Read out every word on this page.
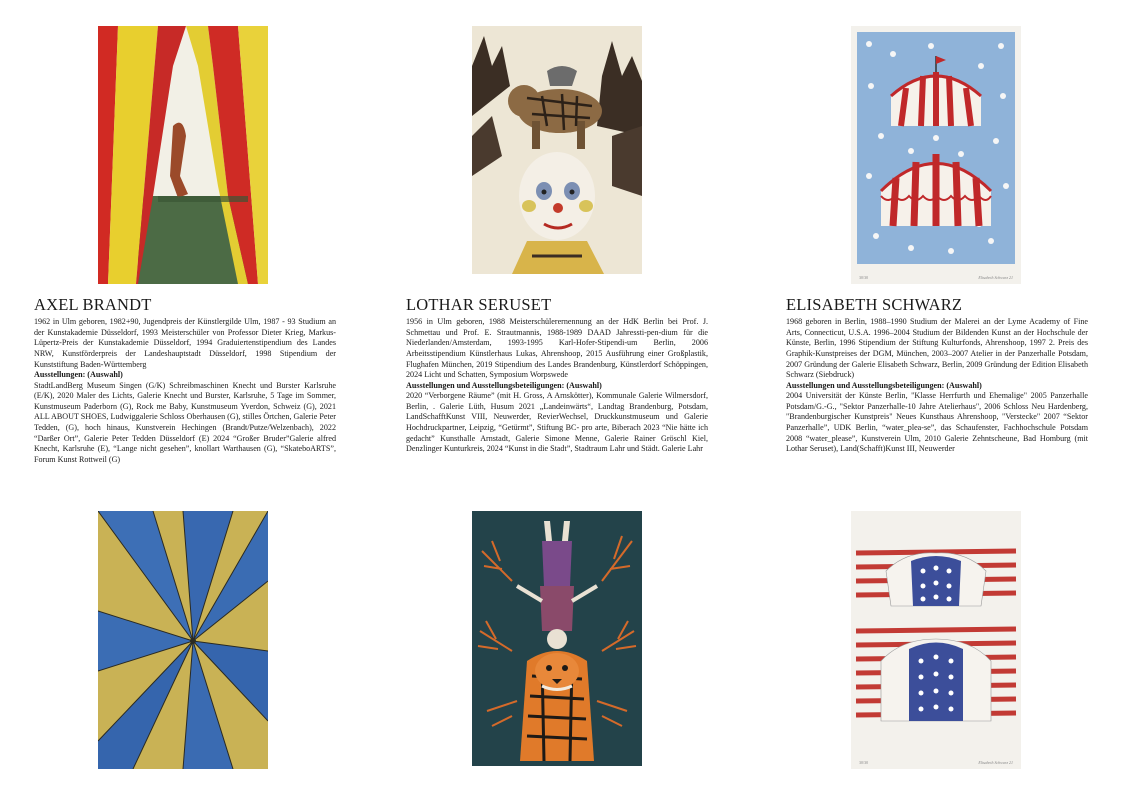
30/30	Elisabeth Schwarz 21
AXEL BRANDT

1962 in Ulm geboren, 1982+90, Jugendpreis der Künstlergilde Ulm, 1987 - 93 Studium an der Kunstakademie Düsseldorf, 1993 Meisterschüler von Professor Dieter Krieg, Markus-Lüpertz-Preis der Kunstakademie Düsseldorf, 1994 Graduiertenstipendium des Landes NRW, Kunstförderpreis der Landeshauptstadt Düsseldorf, 1998 Stipendium der Kunststiftung Baden-Württemberg

Ausstellungen: (Auswahl)

StadtLandBerg Museum Singen (G/K) Schreibmaschinen Knecht und Burster Karlsruhe (E/K), 2020 Maler des Lichts, Galerie Knecht und Burster, Karlsruhe, 5 Tage im Sommer, Kunstmuseum Paderborn (G), Rock me Baby, Kunstmuseum Yverdon, Schweiz (G), 2021 ALL ABOUT SHOES, Ludwiggalerie Schloss Oberhausen (G), stilles Örtchen, Galerie Peter Tedden, (G), hoch hinaus, Kunstverein Hechingen (Brandt/Putze/Welzenbach), 2022 “Darßer Ort”, Galerie Peter Tedden Düsseldorf (E) 2024 “Großer Bruder”Galerie alfred Knecht, Karlsruhe (E), “Lange nicht gesehen”, knollart Warthausen (G), “SkateboARTS”, Forum Kunst Rottweil (G)

LOTHAR SERUSET

1956 in Ulm geboren, 1988 Meisterschülerernennung an der HdK Berlin bei Prof. J. Schmettau und Prof. E. Strautmannis, 1988-1989 DAAD Jahressti-pen-dium für die Niederlanden/Amsterdam, 1993-1995 Karl-Hofer-Stipendi-um Berlin, 2006 Arbeitsstipendium Künstlerhaus Lukas, Ahrenshoop, 2015 Ausführung einer Großplastik, Flughafen München, 2019 Stipendium des Landes Brandenburg, Künstlerdorf Schöppingen, 2024 Licht und Schatten, Symposium Worpswede

Ausstellungen und Ausstellungsbeteiligungen: (Auswahl)

2020 “Verborgene Räume” (mit H. Gross, A Arnskötter), Kommunale Galerie Wilmersdorf, Berlin, . Galerie Lüth, Husum 2021 „Landeinwärts“, Landtag Brandenburg, Potsdam, LandSchafftKunst VIII, Neuwerder, RevierWechsel, Druckkunstmuseum und Galerie Hochdruckpartner, Leipzig, “Getürmt”, Stiftung BC- pro arte, Biberach 2023 “Nie hätte ich gedacht” Kunsthalle Arnstadt, Galerie Simone Menne, Galerie Rainer Gröschl Kiel, Denzlinger Kunturkreis, 2024 “Kunst in die Stadt”, Stadtraum Lahr und Städt. Galerie Lahr

ELISABETH SCHWARZ

1968 geboren in Berlin, 1988–1990 Studium der Malerei an der Lyme Academy of Fine Arts, Connecticut, U.S.A. 1996–2004 Studium der Bildenden Kunst an der Hochschule der Künste, Berlin, 1996 Stipendium der Stiftung Kulturfonds, Ahrenshoop, 1997 2. Preis des Graphik-Kunstpreises der DGM, München, 2003–2007 Atelier in der Panzerhalle Potsdam, 2007 Gründung der Galerie Elisabeth Schwarz, Berlin, 2009 Gründung der Edition Elisabeth Schwarz (Siebdruck)

Ausstellungen und Ausstellungsbeteiligungen: (Auswahl)

2004 Universität der Künste Berlin, "Klasse Herrfurth und Ehemalige" 2005 Panzerhalle Potsdam/G.-G., "Sektor Panzerhalle-10 Jahre Atelierhaus", 2006 Schloss Neu Hardenberg, "Brandenburgischer Kunstpreis" Neues Kunsthaus Ahrenshoop, "Verstecke" 2007 “Sektor Panzerhalle”, UDK Berlin, “water_plea-se”, das Schaufenster, Fachhochschule Potsdam 2008 “water_please”, Kunstverein Ulm, 2010 Galerie Zehntscheune, Bad Homburg (mit Lothar Seruset), Land(Schafft)Kunst III, Neuwerder

30/30	Elisabeth Schwarz 21
